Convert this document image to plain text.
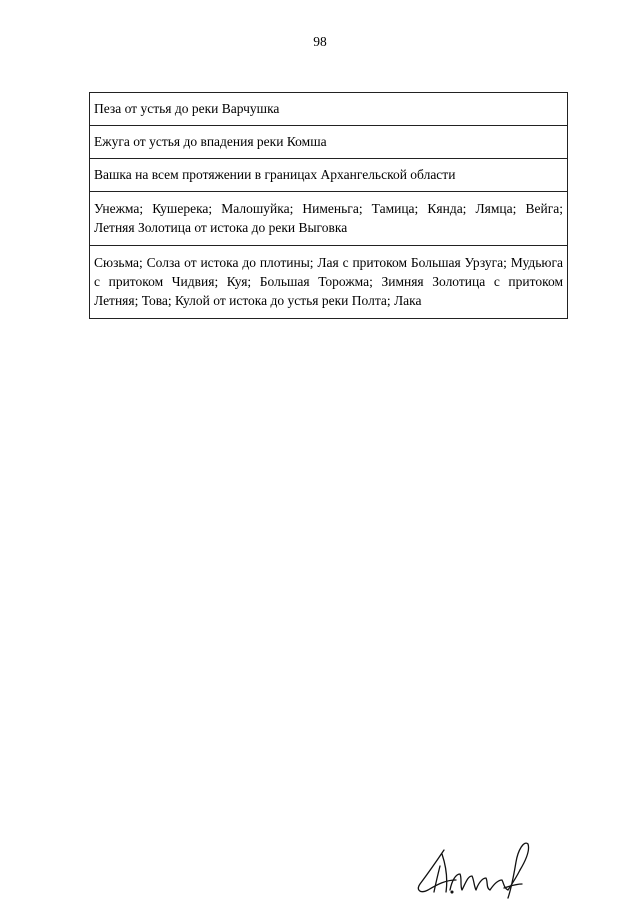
98
Пеза от устья до реки Варчушка
Ежуга от устья до впадения реки Комша
Вашка на всем протяжении в границах Архангельской области
Унежма; Кушерека; Малошуйка; Нименьга; Тамица; Кянда; Лямца; Вейга; Летняя Золотица от истока до реки Выговка
Сюзьма; Солза от истока до плотины; Лая с притоком Большая Урзуга; Мудьюга с притоком Чидвия; Куя; Большая Торожма; Зимняя Золотица с притоком Летняя; Това; Кулой от истока до устья реки Полта; Лака
